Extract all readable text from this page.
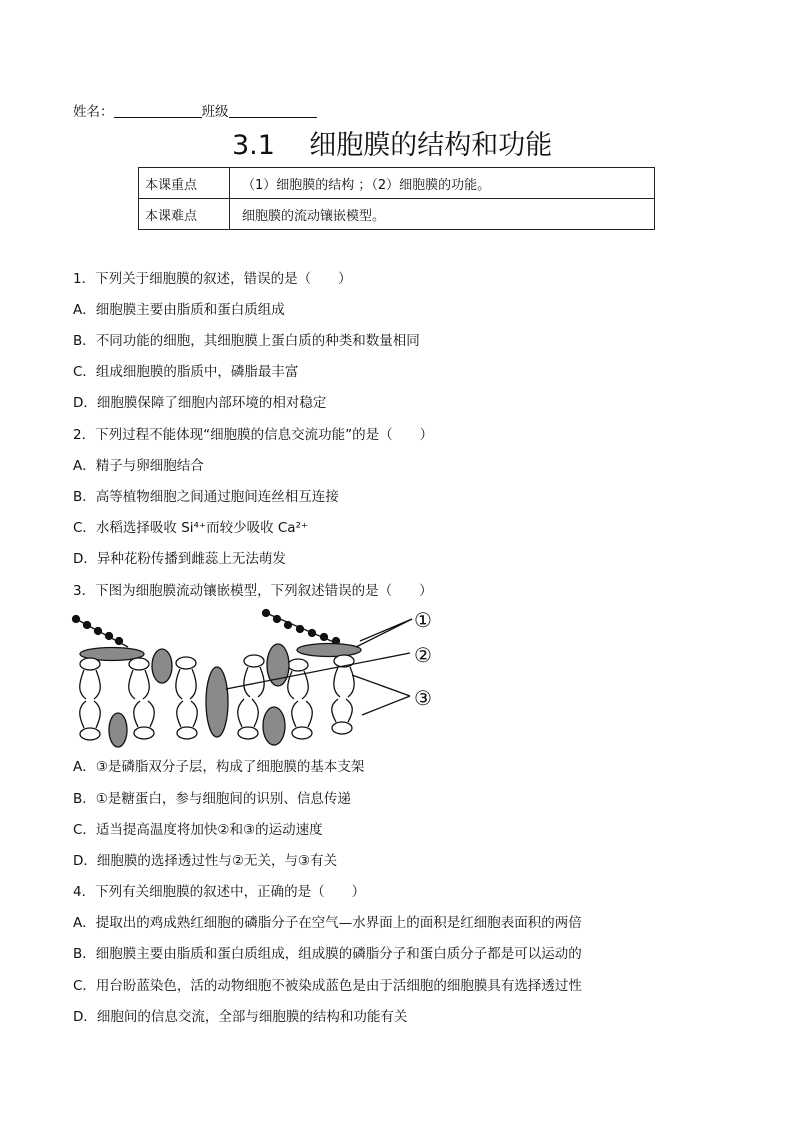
姓名：	班级
3.1    细胞膜的结构和功能
本课重点	（1）细胞膜的结构 ；（2）细胞膜的功能。
本课难点	细胞膜的流动镶嵌模型。
1．下列关于细胞膜的叙述，错误的是（　　）
A．细胞膜主要由脂质和蛋白质组成
B．不同功能的细胞，其细胞膜上蛋白质的种类和数量相同
C．组成细胞膜的脂质中，磷脂最丰富
D．细胞膜保障了细胞内部环境的相对稳定
2．下列过程不能体现“细胞膜的信息交流功能”的是（　　）
A．精子与卵细胞结合
B．高等植物细胞之间通过胞间连丝相互连接
C．水稻选择吸收 Si⁴⁺而较少吸收 Ca²⁺
D．异种花粉传播到雌蕊上无法萌发
3．下图为细胞膜流动镶嵌模型，下列叙述错误的是（　　）
①
②
③
A．③是磷脂双分子层，构成了细胞膜的基本支架
B．①是糖蛋白，参与细胞间的识别、信息传递
C．适当提高温度将加快②和③的运动速度
D．细胞膜的选择透过性与②无关，与③有关
4．下列有关细胞膜的叙述中，正确的是（　　）
A．提取出的鸡成熟红细胞的磷脂分子在空气—水界面上的面积是红细胞表面积的两倍
B．细胞膜主要由脂质和蛋白质组成，组成膜的磷脂分子和蛋白质分子都是可以运动的
C．用台盼蓝染色，活的动物细胞不被染成蓝色是由于活细胞的细胞膜具有选择透过性
D．细胞间的信息交流，全部与细胞膜的结构和功能有关
